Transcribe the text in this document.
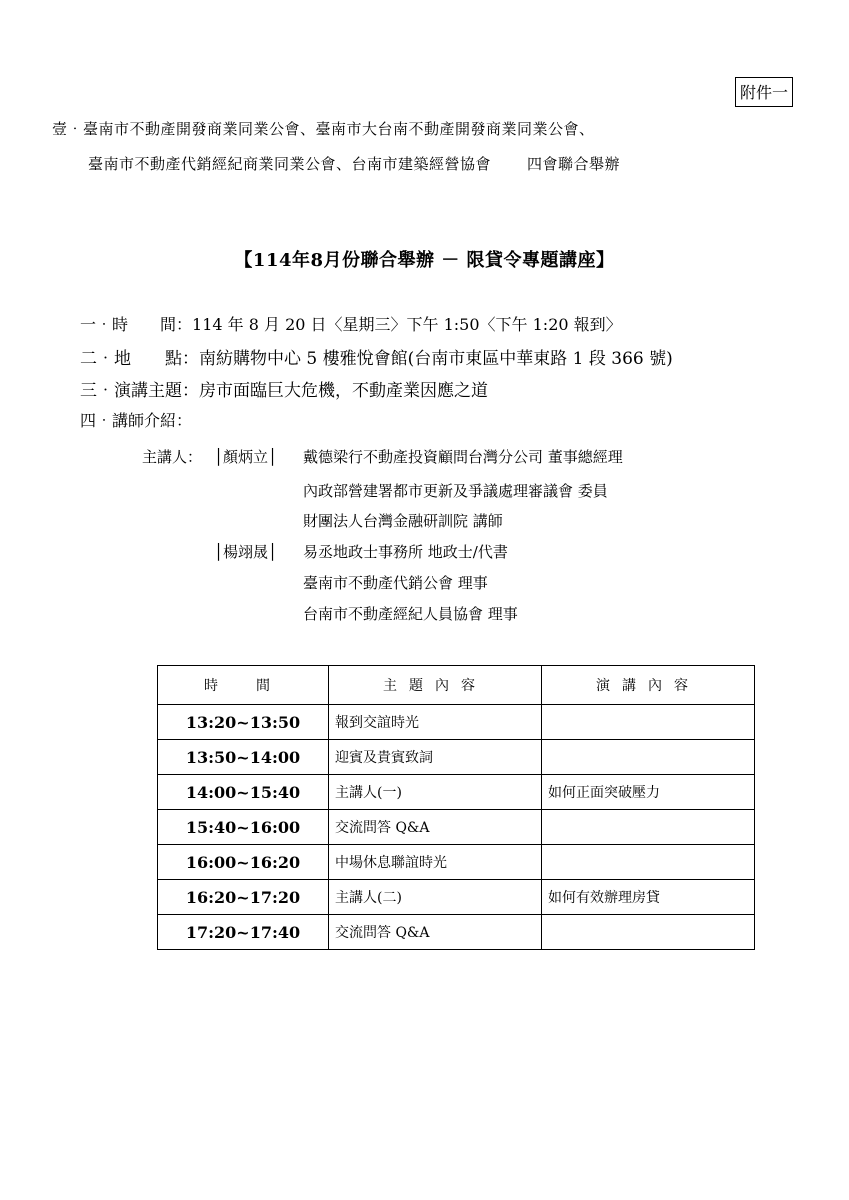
附件一
壹‧臺南市不動產開發商業同業公會、臺南市大台南不動產開發商業同業公會、
臺南市不動產代銷經紀商業同業公會、台南市建築經營協會 四會聯合舉辦
【114年8月份聯合舉辦 － 限貸令專題講座】
一‧時　　間：114 年 8 月 20 日〈星期三〉下午 1:50〈下午 1:20 報到〉
二‧地　　點：南紡購物中心 5 樓雅悅會館(台南市東區中華東路 1 段 366 號)
三‧演講主題：房市面臨巨大危機，不動產業因應之道
四‧講師介紹：
主講人： │顏炳立│ 戴德梁行不動產投資顧問台灣分公司 董事總經理
內政部營建署都市更新及爭議處理審議會 委員
財團法人台灣金融研訓院 講師
│楊翊晟│ 易丞地政士事務所 地政士/代書
臺南市不動產代銷公會 理事
台南市不動產經紀人員協會 理事
時　間	主題內容	演講內容
13:20~13:50	報到交誼時光	
13:50~14:00	迎賓及貴賓致詞	
14:00~15:40	主講人(一)	如何正面突破壓力
15:40~16:00	交流問答 Q&A	
16:00~16:20	中場休息聯誼時光	
16:20~17:20	主講人(二)	如何有效辦理房貸
17:20~17:40	交流問答 Q&A	
